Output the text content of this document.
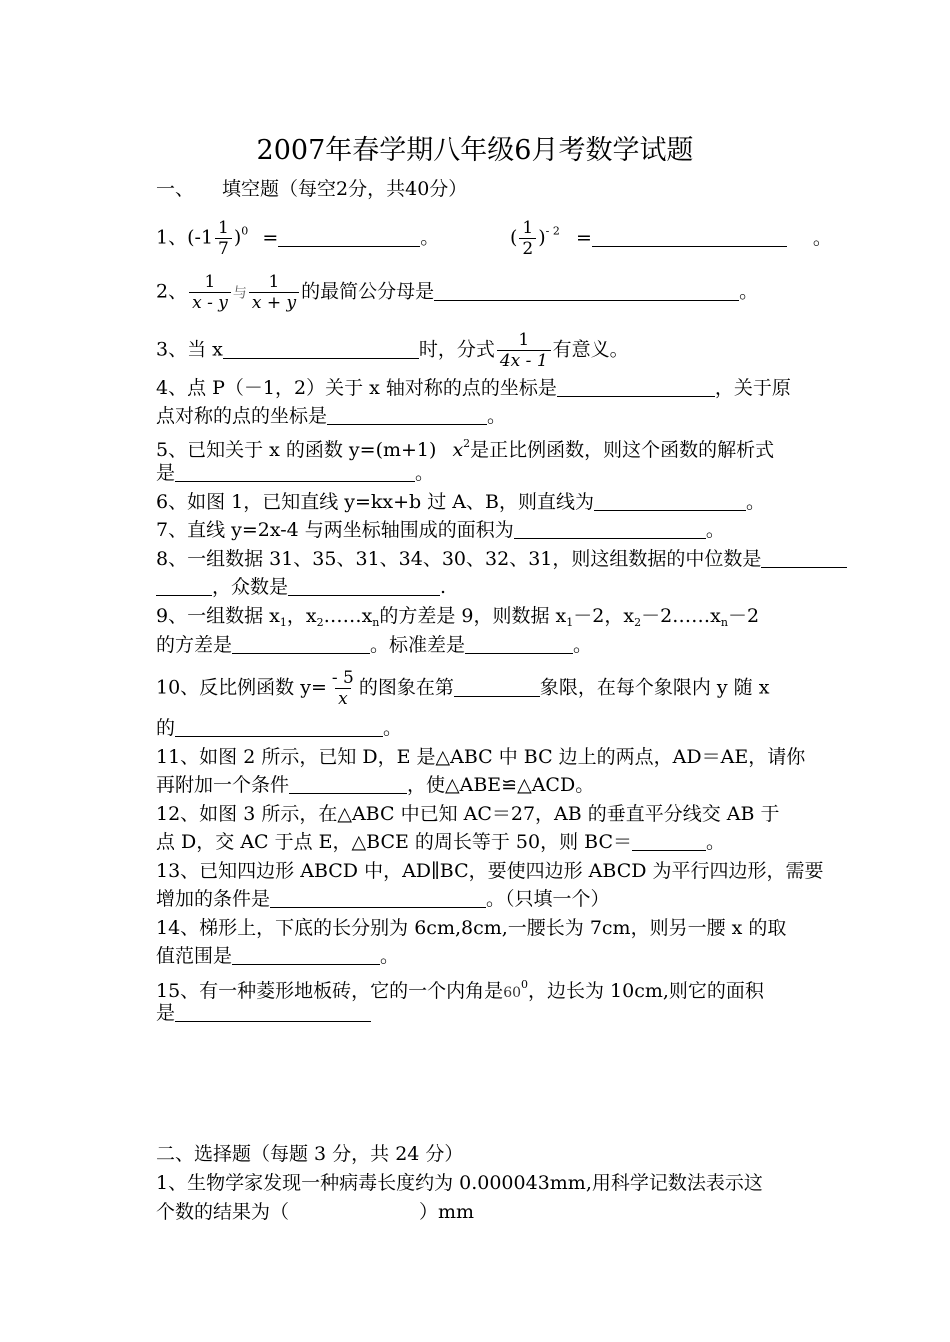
2007年春学期八年级6月考数学试题
一、 填空题（每空2分，共40分）
1、$(-1 \frac{1}{7} )^0$ =	。	( $\frac{1}{2} )^{- 2}$ =	。
2、 $\frac{1}{x - y}$ 与 $\frac{1}{x + y}$ 的最简公分母是	。
3、当 x	时，分式 $\frac{1}{4x - 1}$ 有意义。
4、点 P（－1，2）关于 x 轴对称的点的坐标是	，关于原
点对称的点的坐标是	。
5、已知关于 x 的函数 y=(m+1) $x^2$是正比例函数，则这个函数的解析式
是	。
6、如图 1，已知直线 y=kx+b 过 A、B，则直线为	。
7、直线 y=2x-4 与两坐标轴围成的面积为	。
8、一组数据 31、35、31、34、30、32、31，则这组数据的中位数是
，众数是	.
9、一组数据 $x_1$，$x_2\dots\dots x_n$的方差是 9，则数据 $x_1-2$，$x_2-2\dots\dots x_n-2$
的方差是	。标准差是	。
10、反比例函数 $y= \frac{- 5}{x}$ 的图象在第	象限，在每个象限内 y 随 x
的	。
11、如图 2 所示，已知 D，E 是△ABC 中 BC 边上的两点，AD＝AE，请你
再附加一个条件	，使△ABE≌△ACD。
12、如图 3 所示，在△ABC 中已知 AC＝27，AB 的垂直平分线交 AB 于
点 D，交 AC 于点 E，△BCE 的周长等于 50，则 BC＝	。
13、已知四边形 ABCD 中，AD∥BC，要使四边形 ABCD 为平行四边形，需要
增加的条件是	。（只填一个）
14、梯形上，下底的长分别为 6cm,8cm,一腰长为 7cm，则另一腰 x 的取
值范围是	。
15、有一种菱形地板砖，它的一个内角是$60^0$，边长为 10cm,则它的面积
是
二、选择题（每题 3 分，共 24 分）
1、生物学家发现一种病毒长度约为 0.000043mm,用科学记数法表示这
个数的结果为（	）mm
